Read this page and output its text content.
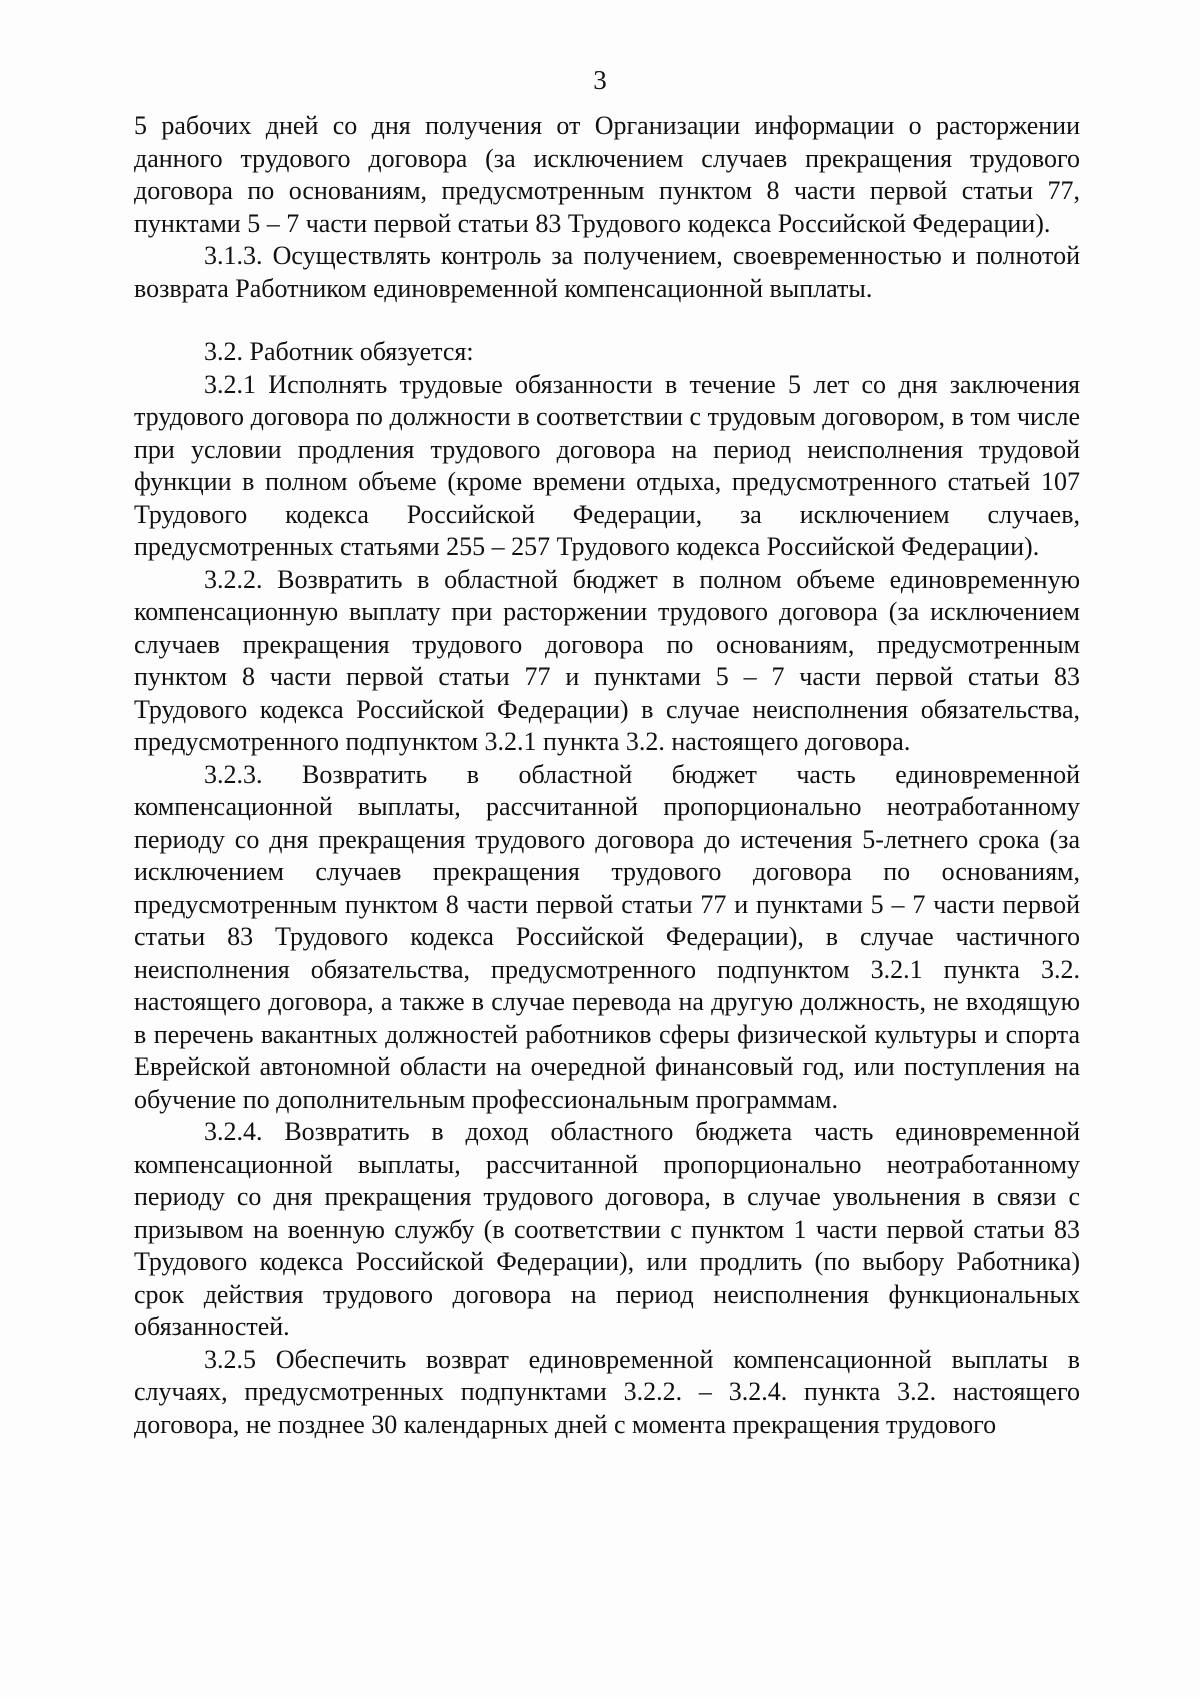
3

5 рабочих дней со дня получения от Организации информации о расторжении данного трудового договора (за исключением случаев прекращения трудового договора по основаниям, предусмотренным пунктом 8 части первой статьи 77, пунктами 5 – 7 части первой статьи 83 Трудового кодекса Российской Федерации).

3.1.3. Осуществлять контроль за получением, своевременностью и полнотой возврата Работником единовременной компенсационной выплаты.

3.2. Работник обязуется:

3.2.1 Исполнять трудовые обязанности в течение 5 лет со дня заключения трудового договора по должности в соответствии с трудовым договором, в том числе при условии продления трудового договора на период неисполнения трудовой функции в полном объеме (кроме времени отдыха, предусмотренного статьей 107 Трудового кодекса Российской Федерации, за исключением случаев, предусмотренных статьями 255 – 257 Трудового кодекса Российской Федерации).

3.2.2. Возвратить в областной бюджет в полном объеме единовременную компенсационную выплату при расторжении трудового договора (за исключением случаев прекращения трудового договора по основаниям, предусмотренным пунктом 8 части первой статьи 77 и пунктами 5 – 7 части первой статьи 83 Трудового кодекса Российской Федерации) в случае неисполнения обязательства, предусмотренного подпунктом 3.2.1 пункта 3.2. настоящего договора.

3.2.3. Возвратить в областной бюджет часть единовременной компенсационной выплаты, рассчитанной пропорционально неотработанному периоду со дня прекращения трудового договора до истечения 5-летнего срока (за исключением случаев прекращения трудового договора по основаниям, предусмотренным пунктом 8 части первой статьи 77 и пунктами 5 – 7 части первой статьи 83 Трудового кодекса Российской Федерации), в случае частичного неисполнения обязательства, предусмотренного подпунктом 3.2.1 пункта 3.2. настоящего договора, а также в случае перевода на другую должность, не входящую в перечень вакантных должностей работников сферы физической культуры и спорта Еврейской автономной области на очередной финансовый год, или поступления на обучение по дополнительным профессиональным программам.

3.2.4. Возвратить в доход областного бюджета часть единовременной компенсационной выплаты, рассчитанной пропорционально неотработанному периоду со дня прекращения трудового договора, в случае увольнения в связи с призывом на военную службу (в соответствии с пунктом 1 части первой статьи 83 Трудового кодекса Российской Федерации), или продлить (по выбору Работника) срок действия трудового договора на период неисполнения функциональных обязанностей.

3.2.5 Обеспечить возврат единовременной компенсационной выплаты в случаях, предусмотренных подпунктами 3.2.2. – 3.2.4. пункта 3.2. настоящего договора, не позднее 30 календарных дней с момента прекращения трудового
